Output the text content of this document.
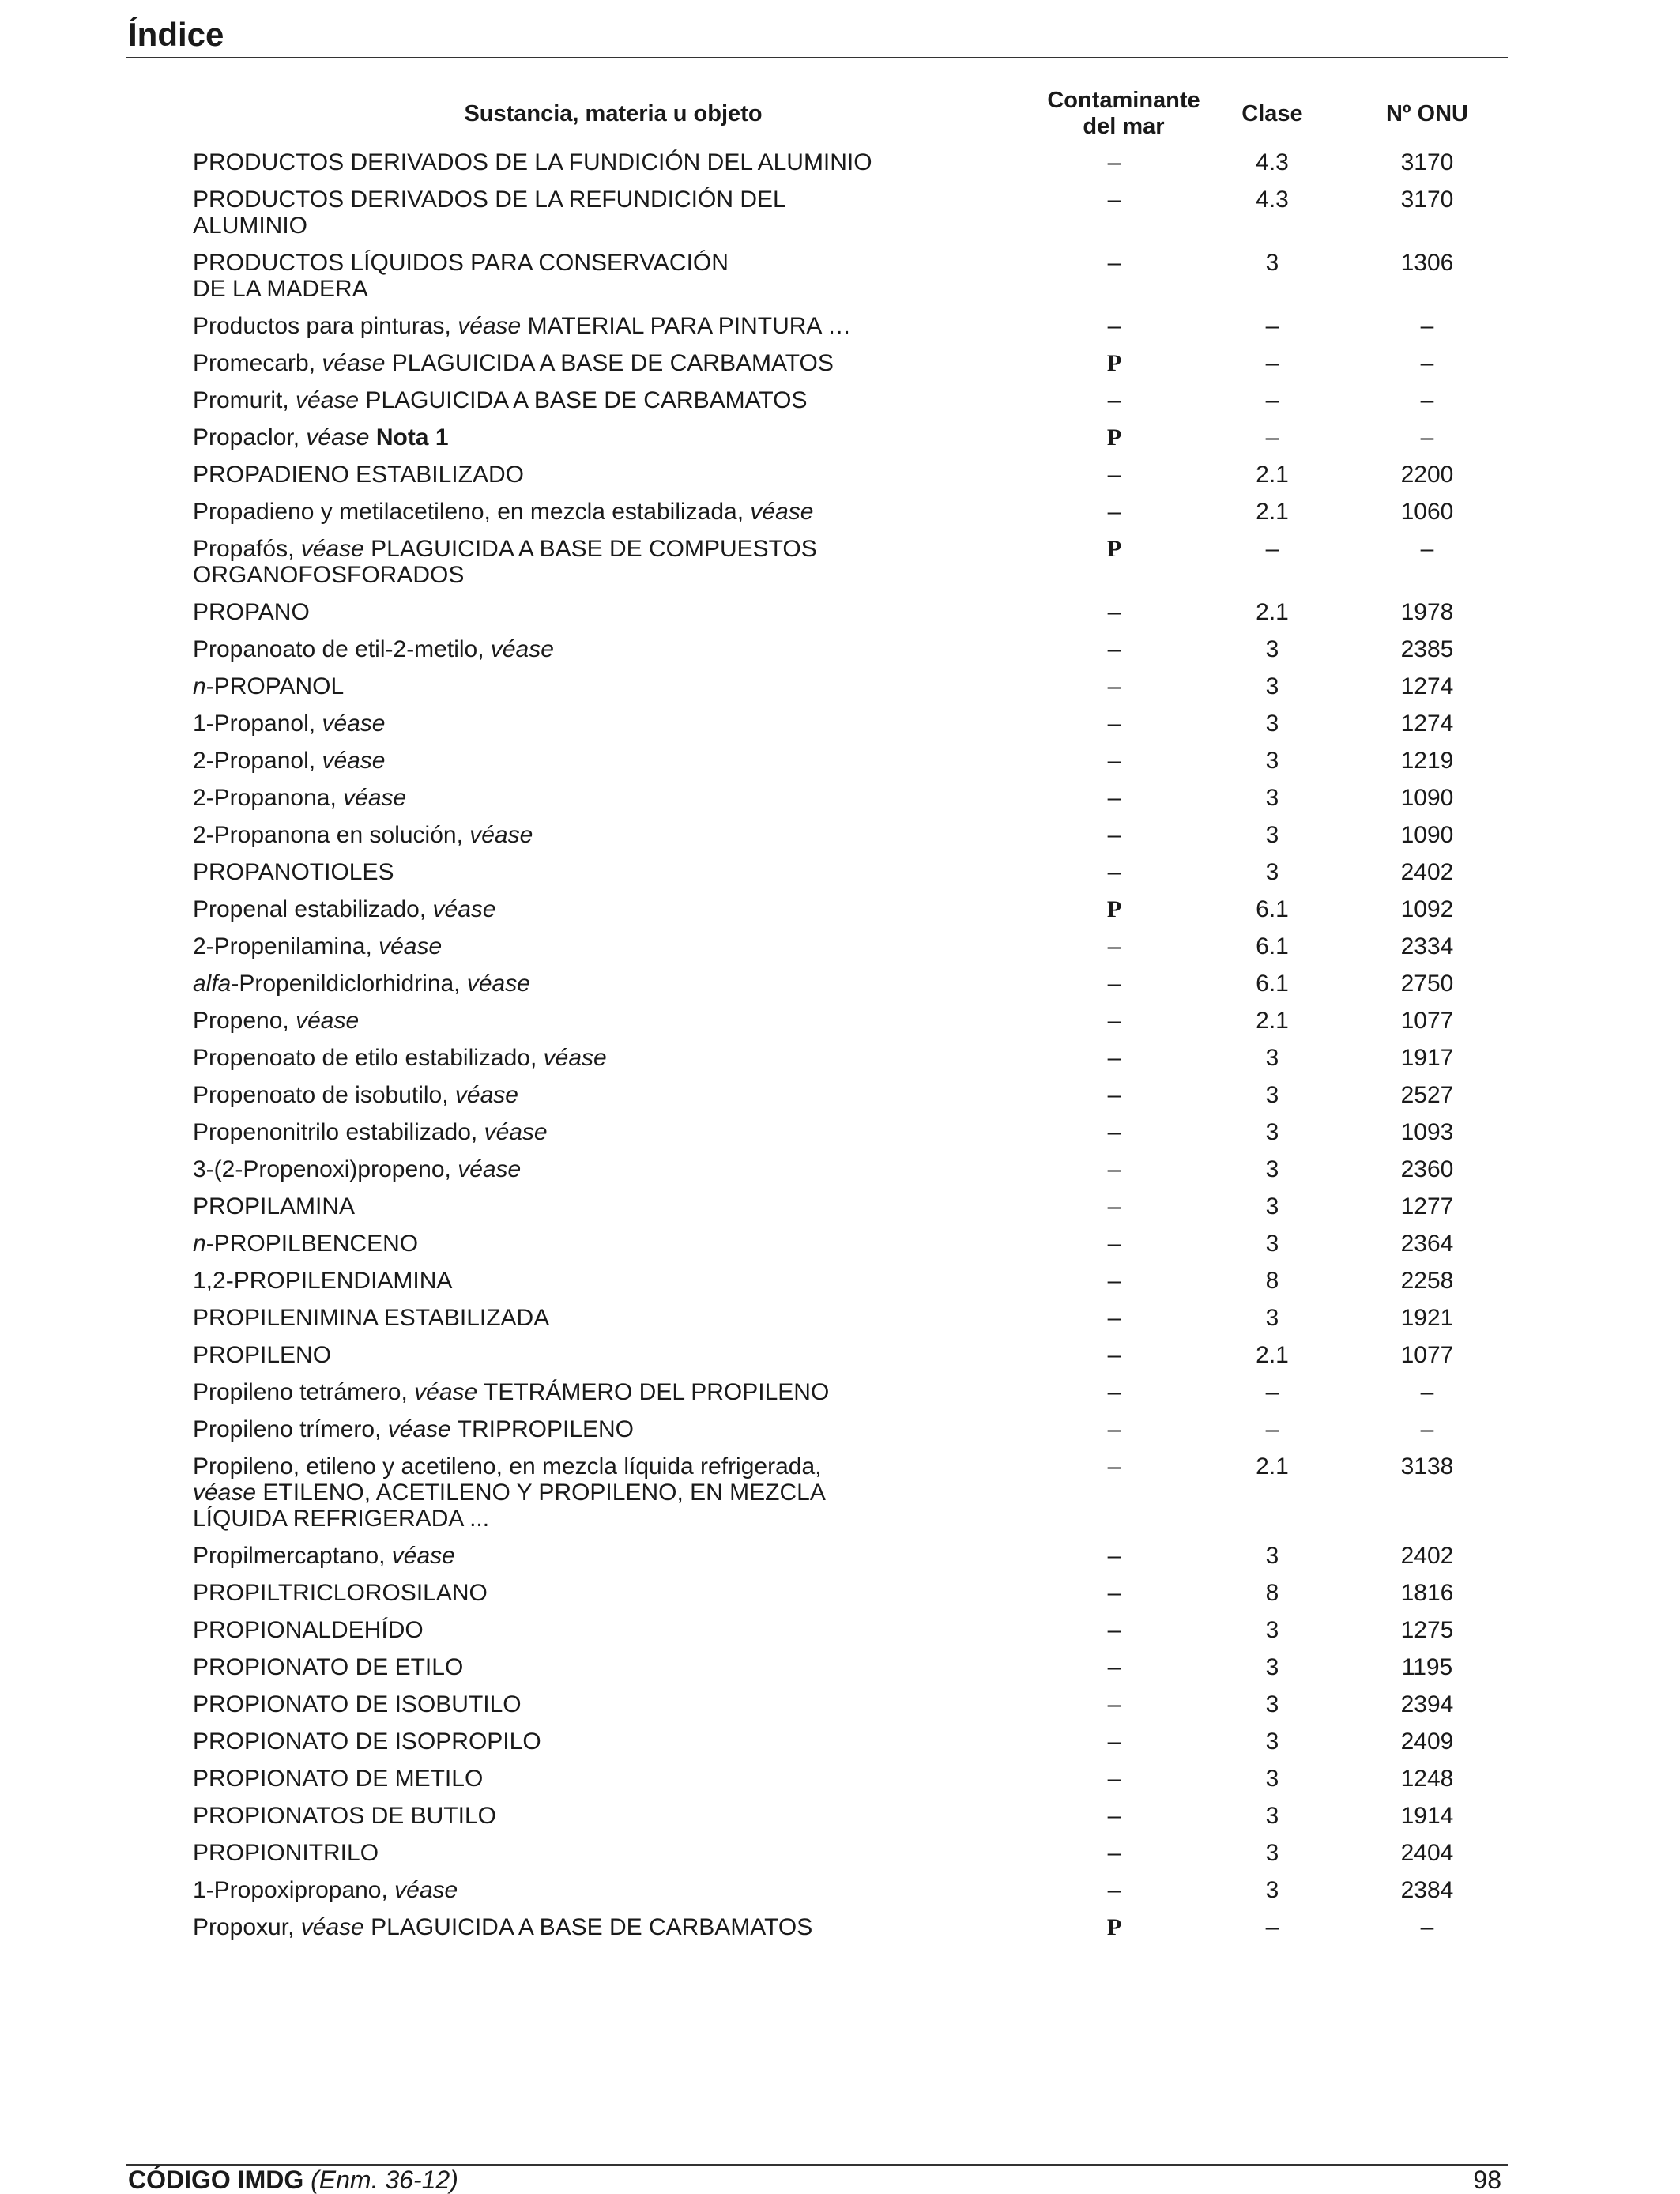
Índice
Sustancia, materia u objeto
Contaminante
del mar	Clase	Nº ONU
PRODUCTOS DERIVADOS DE LA FUNDICIÓN DEL ALUMINIO	–	4.3	3170
PRODUCTOS DERIVADOS DE LA REFUNDICIÓN DEL
ALUMINIO
–	4.3	3170
PRODUCTOS LÍQUIDOS PARA CONSERVACIÓN
DE LA MADERA
–	3	1306
Productos para pinturas, véase MATERIAL PARA PINTURA …	–	–	–
Promecarb, véase PLAGUICIDA A BASE DE CARBAMATOS	P	–	–
Promurit, véase PLAGUICIDA A BASE DE CARBAMATOS	–	–	–
Propaclor, véase Nota 1	P	–	–
PROPADIENO ESTABILIZADO	–	2.1	2200
Propadieno y metilacetileno, en mezcla estabilizada, véase	–	2.1	1060
Propafós, véase PLAGUICIDA A BASE DE COMPUESTOS
ORGANOFOSFORADOS
P	–	–
PROPANO	–	2.1	1978
Propanoato de etil-2-metilo, véase	–	3	2385
n-PROPANOL	–	3	1274
1-Propanol, véase	–	3	1274
2-Propanol, véase	–	3	1219
2-Propanona, véase	–	3	1090
2-Propanona en solución, véase	–	3	1090
PROPANOTIOLES	–	3	2402
Propenal estabilizado, véase	P	6.1	1092
2-Propenilamina, véase	–	6.1	2334
alfa-Propenildiclorhidrina, véase	–	6.1	2750
Propeno, véase	–	2.1	1077
Propenoato de etilo estabilizado, véase	–	3	1917
Propenoato de isobutilo, véase	–	3	2527
Propenonitrilo estabilizado, véase	–	3	1093
3-(2-Propenoxi)propeno, véase	–	3	2360
PROPILAMINA	–	3	1277
n-PROPILBENCENO	–	3	2364
1,2-PROPILENDIAMINA	–	8	2258
PROPILENIMINA ESTABILIZADA	–	3	1921
PROPILENO	–	2.1	1077
Propileno tetrámero, véase TETRÁMERO DEL PROPILENO	–	–	–
Propileno trímero, véase TRIPROPILENO	–	–	–
Propileno, etileno y acetileno, en mezcla líquida refrigerada,
véase ETILENO, ACETILENO Y PROPILENO, EN MEZCLA
LÍQUIDA REFRIGERADA ...
–	2.1	3138
Propilmercaptano, véase	–	3	2402
PROPILTRICLOROSILANO	–	8	1816
PROPIONALDEHÍDO	–	3	1275
PROPIONATO DE ETILO	–	3	1195
PROPIONATO DE ISOBUTILO	–	3	2394
PROPIONATO DE ISOPROPILO	–	3	2409
PROPIONATO DE METILO	–	3	1248
PROPIONATOS DE BUTILO	–	3	1914
PROPIONITRILO	–	3	2404
1-Propoxipropano, véase	–	3	2384
Propoxur, véase PLAGUICIDA A BASE DE CARBAMATOS	P	–	–
CÓDIGO IMDG (Enm. 36-12)	98
